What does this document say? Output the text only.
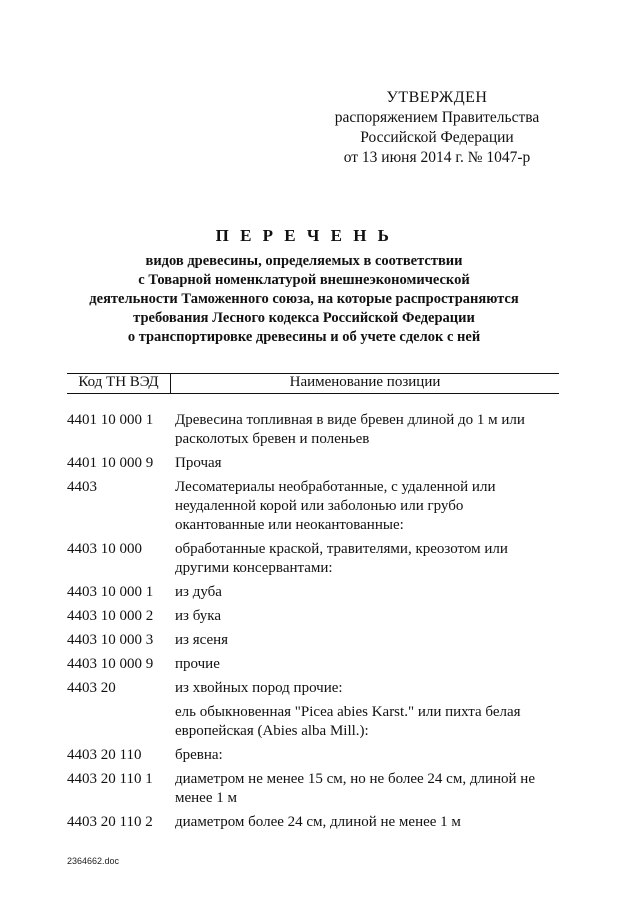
УТВЕРЖДЕН
распоряжением Правительства
Российской Федерации
от 13 июня 2014 г. № 1047-р
П Е Р Е Ч Е Н Ь
видов древесины, определяемых в соответствии
с Товарной номенклатурой внешнеэкономической
деятельности Таможенного союза, на которые распространяются
требования Лесного кодекса Российской Федерации
о транспортировке древесины и об учете сделок с ней
Код ТН ВЭД	Наименование позиции
4401 10 000 1	Древесина топливная в виде бревен длиной до 1 м или расколотых бревен и поленьев
4401 10 000 9	Прочая
4403	Лесоматериалы необработанные, с удаленной или неудаленной корой или заболонью или грубо окантованные или неокантованные:
4403 10 000	обработанные краской, травителями, креозотом или другими консервантами:
4403 10 000 1	из дуба
4403 10 000 2	из бука
4403 10 000 3	из ясеня
4403 10 000 9	прочие
4403 20	из хвойных пород прочие:
ель обыкновенная "Picea abies Karst." или пихта белая европейская (Abies alba Mill.):
4403 20 110	бревна:
4403 20 110 1	диаметром не менее 15 см, но не более 24 см, длиной не менее 1 м
4403 20 110 2	диаметром более 24 см, длиной не менее 1 м
2364662.doc
